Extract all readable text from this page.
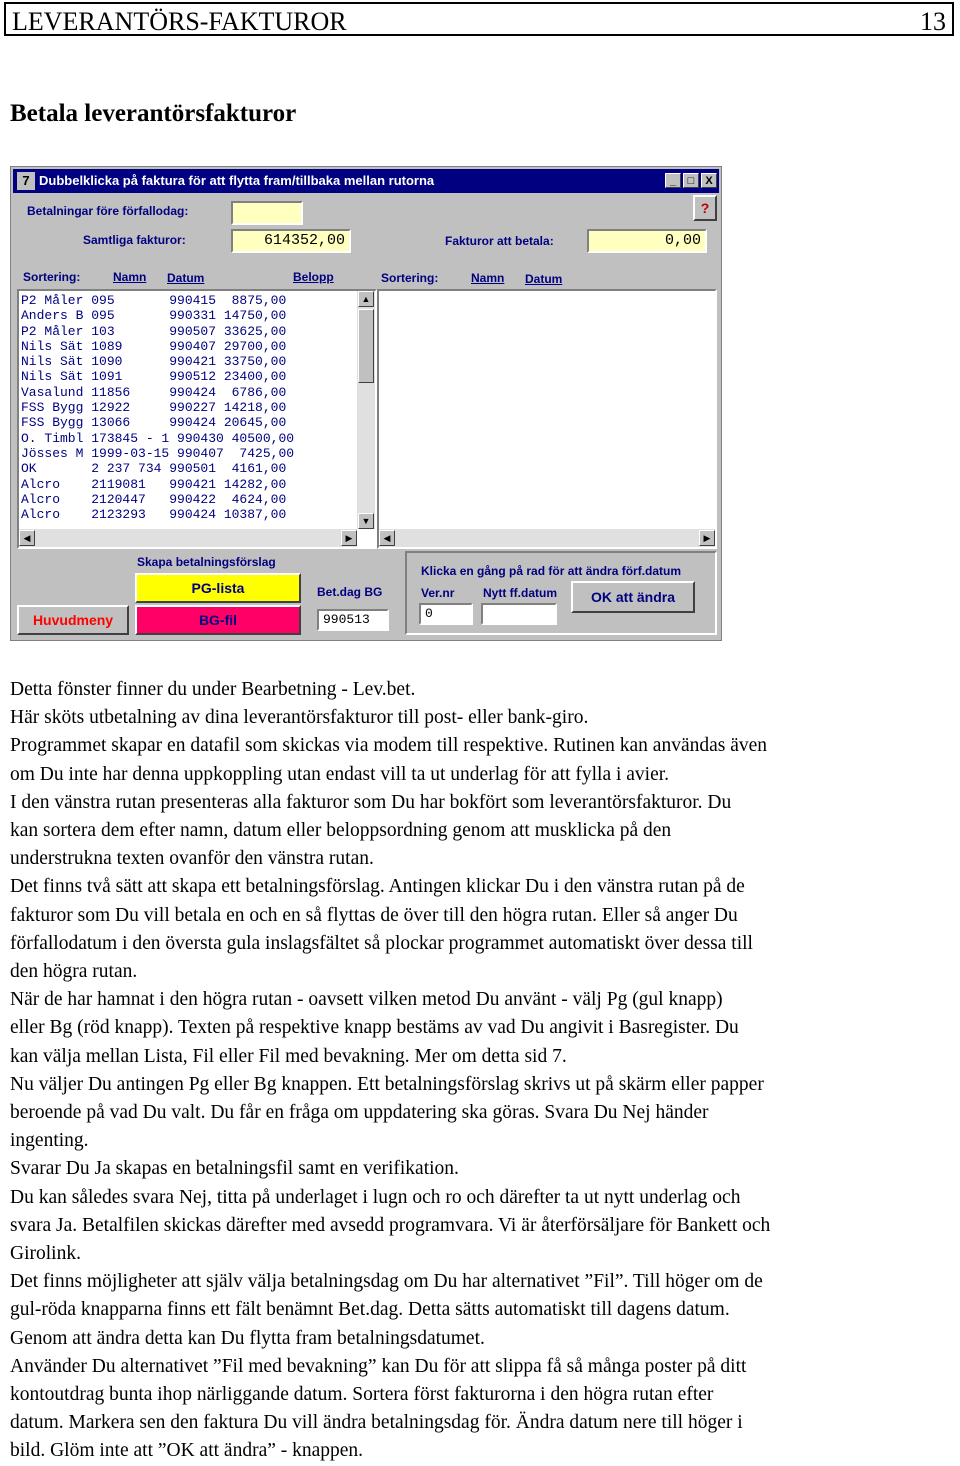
LEVERANTÖRS-FAKTUROR	13
Betala leverantörsfakturor
7 Dubbelklicka på faktura för att flytta fram/tillbaka mellan rutorna	_	□	X
Betalningar före förfallodag:	?
Samtliga fakturor:	614352,00	Fakturor att betala:	0,00
Sortering:	Namn Datum	Belopp	Sortering:	Namn Datum
P2 Måler 095       990415  8875,00
Anders B 095       990331 14750,00
P2 Måler 103       990507 33625,00
Nils Sät 1089      990407 29700,00
Nils Sät 1090      990421 33750,00
Nils Sät 1091      990512 23400,00
Vasalund 11856     990424  6786,00
FSS Bygg 12922     990227 14218,00
FSS Bygg 13066     990424 20645,00
O. Timbl 173845 - 1 990430 40500,00
Jösses M 1999-03-15 990407  7425,00
OK       2 237 734 990501  4161,00
Alcro    2119081   990421 14282,00
Alcro    2120447   990422  4624,00
Alcro    2123293   990424 10387,00
▲
▼
◀	▶	◀	▶
Skapa betalningsförslag
PG-lista
BG-fil
Huvudmeny
Bet.dag BG
990513
Klicka en gång på rad för att ändra förf.datum
Ver.nr
0
Nytt ff.datum	OK att ändra

Detta fönster finner du under Bearbetning - Lev.bet.

Här sköts utbetalning av dina leverantörsfakturor till post- eller bank-giro.

Programmet skapar en datafil som skickas via modem till respektive. Rutinen kan användas även

om Du inte har denna uppkoppling utan endast vill ta ut underlag för att fylla i avier.

I den vänstra rutan presenteras alla fakturor som Du har bokfört som leverantörsfakturor. Du

kan sortera dem efter namn, datum eller beloppsordning genom att musklicka på den

understrukna texten ovanför den vänstra rutan.

Det finns två sätt att skapa ett betalningsförslag. Antingen klickar Du i den vänstra rutan på de

fakturor som Du vill betala en och en så flyttas de över till den högra rutan. Eller så anger Du

förfallodatum i den översta gula inslagsfältet så plockar programmet automatiskt över dessa till

den högra rutan.

När de har hamnat i den högra rutan - oavsett vilken metod Du använt - välj Pg (gul knapp)

eller Bg (röd knapp). Texten på respektive knapp bestäms av vad Du angivit i Basregister. Du

kan välja mellan Lista, Fil eller Fil med bevakning. Mer om detta sid 7.

Nu väljer Du antingen Pg eller Bg knappen. Ett betalningsförslag skrivs ut på skärm eller papper

beroende på vad Du valt. Du får en fråga om uppdatering ska göras. Svara Du Nej händer

ingenting.

Svarar Du Ja skapas en betalningsfil samt en verifikation.

Du kan således svara Nej, titta på underlaget i lugn och ro och därefter ta ut nytt underlag och

svara Ja. Betalfilen skickas därefter med avsedd programvara. Vi är återförsäljare för Bankett och

Girolink.

Det finns möjligheter att själv välja betalningsdag om Du har alternativet ”Fil”. Till höger om de

gul-röda knapparna finns ett fält benämnt Bet.dag. Detta sätts automatiskt till dagens datum.

Genom att ändra detta kan Du flytta fram betalningsdatumet.

Använder Du alternativet ”Fil med bevakning” kan Du för att slippa få så många poster på ditt

kontoutdrag bunta ihop närliggande datum. Sortera först fakturorna i den högra rutan efter

datum. Markera sen den faktura Du vill ändra betalningsdag för. Ändra datum nere till höger i

bild. Glöm inte att ”OK att ändra” - knappen.
